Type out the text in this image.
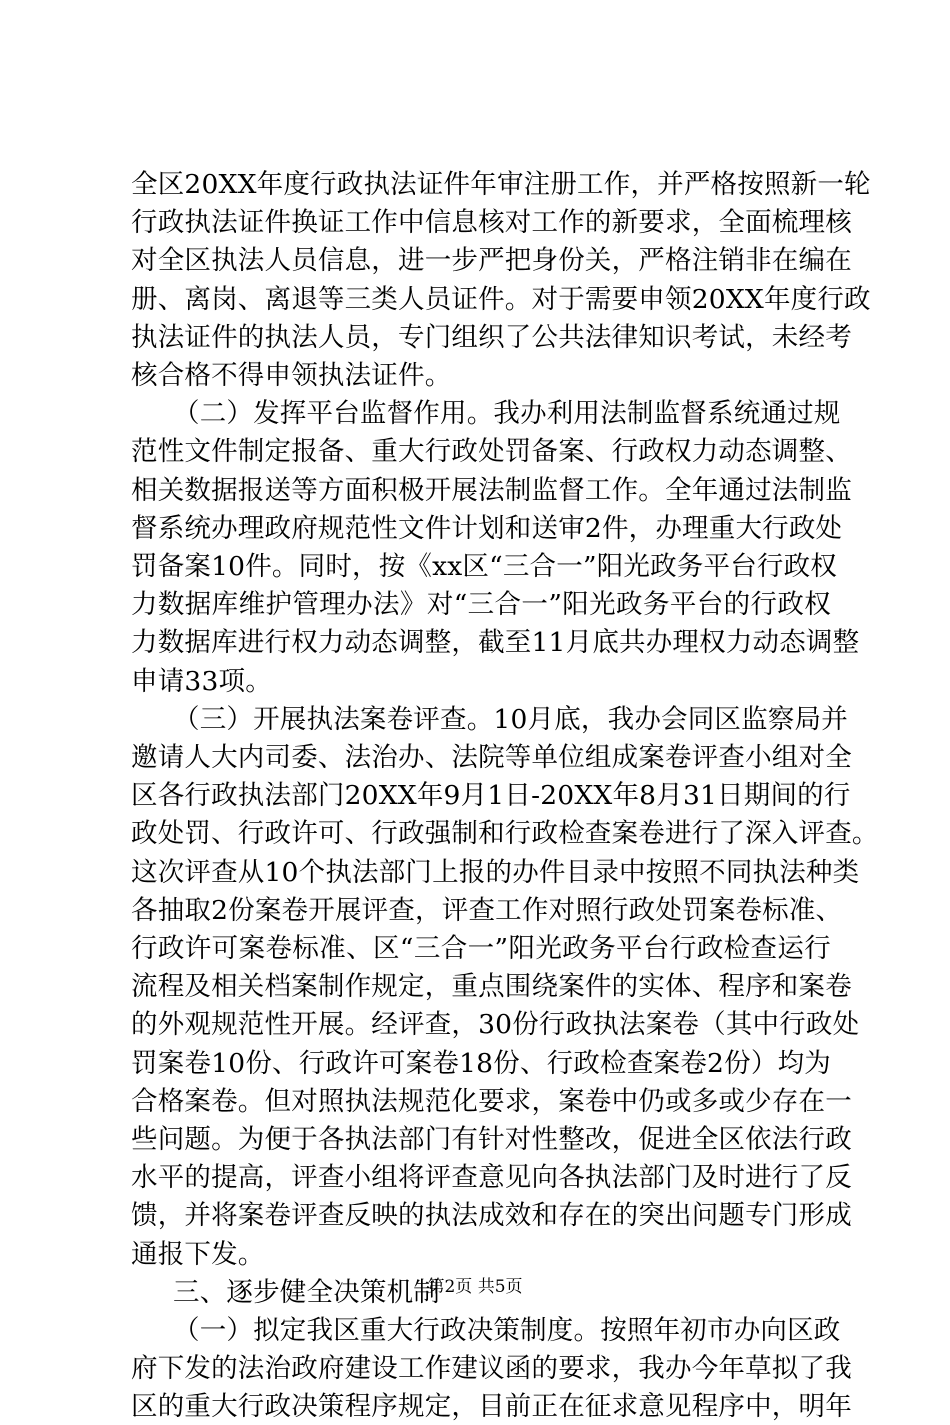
全区20XX年度行政执法证件年审注册工作，并严格按照新一轮
行政执法证件换证工作中信息核对工作的新要求，全面梳理核
对全区执法人员信息，进一步严把身份关，严格注销非在编在
册、离岗、离退等三类人员证件。对于需要申领20XX年度行政
执法证件的执法人员，专门组织了公共法律知识考试，未经考
核合格不得申领执法证件。
（二）发挥平台监督作用。我办利用法制监督系统通过规
范性文件制定报备、重大行政处罚备案、行政权力动态调整、
相关数据报送等方面积极开展法制监督工作。全年通过法制监
督系统办理政府规范性文件计划和送审2件，办理重大行政处
罚备案10件。同时，按《xx区“三合一”阳光政务平台行政权
力数据库维护管理办法》对“三合一”阳光政务平台的行政权
力数据库进行权力动态调整，截至11月底共办理权力动态调整
申请33项。
（三）开展执法案卷评查。10月底，我办会同区监察局并
邀请人大内司委、法治办、法院等单位组成案卷评查小组对全
区各行政执法部门20XX年9月1日-20XX年8月31日期间的行
政处罚、行政许可、行政强制和行政检查案卷进行了深入评查。
这次评查从10个执法部门上报的办件目录中按照不同执法种类
各抽取2份案卷开展评查，评查工作对照行政处罚案卷标准、
行政许可案卷标准、区“三合一”阳光政务平台行政检查运行
流程及相关档案制作规定，重点围绕案件的实体、程序和案卷
的外观规范性开展。经评查，30份行政执法案卷（其中行政处
罚案卷10份、行政许可案卷18份、行政检查案卷2份）均为
合格案卷。但对照执法规范化要求，案卷中仍或多或少存在一
些问题。为便于各执法部门有针对性整改，促进全区依法行政
水平的提高，评查小组将评查意见向各执法部门及时进行了反
馈，并将案卷评查反映的执法成效和存在的突出问题专门形成
通报下发。
三、逐步健全决策机制
（一）拟定我区重大行政决策制度。按照年初市办向区政
府下发的法治政府建设工作建议函的要求，我办今年草拟了我
区的重大行政决策程序规定，目前正在征求意见程序中，明年
第2页 共5页
